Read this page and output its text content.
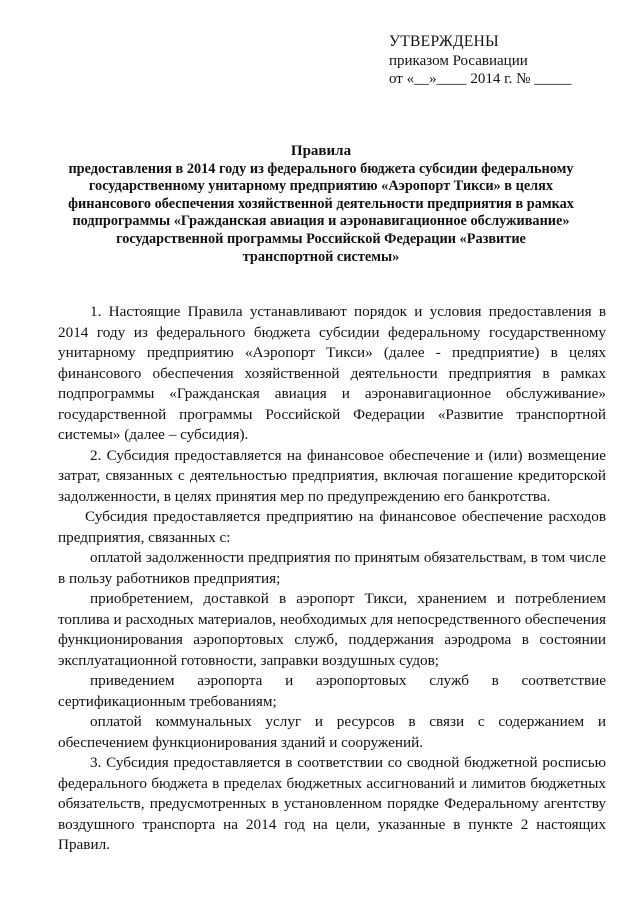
УТВЕРЖДЕНЫ
приказом Росавиации
от «__»____ 2014 г. № _____
Правила
предоставления в 2014 году из федерального бюджета субсидии федеральному
государственному унитарному предприятию «Аэропорт Тикси» в целях
финансового обеспечения хозяйственной деятельности предприятия в рамках
подпрограммы «Гражданская авиация и аэронавигационное обслуживание»
государственной программы Российской Федерации «Развитие
транспортной системы»

1. Настоящие Правила устанавливают порядок и условия предоставления в 2014 году из федерального бюджета субсидии федеральному государственному унитарному предприятию «Аэропорт Тикси» (далее - предприятие) в целях финансового обеспечения хозяйственной деятельности предприятия в рамках подпрограммы «Гражданская авиация и аэронавигационное обслуживание» государственной программы Российской Федерации «Развитие транспортной системы» (далее – субсидия).

2. Субсидия предоставляется на финансовое обеспечение и (или) возмещение затрат, связанных с деятельностью предприятия, включая погашение кредиторской задолженности, в целях принятия мер по предупреждению его банкротства.

Субсидия предоставляется предприятию на финансовое обеспечение расходов предприятия, связанных с:

оплатой задолженности предприятия по принятым обязательствам, в том числе в пользу работников предприятия;

приобретением, доставкой в аэропорт Тикси, хранением и потреблением топлива и расходных материалов, необходимых для непосредственного обеспечения функционирования аэропортовых служб, поддержания аэродрома в состоянии эксплуатационной готовности, заправки воздушных судов;

приведением аэропорта и аэропортовых служб в соответствие сертификационным требованиям;

оплатой коммунальных услуг и ресурсов в связи с содержанием и обеспечением функционирования зданий и сооружений.

3. Субсидия предоставляется в соответствии со сводной бюджетной росписью федерального бюджета в пределах бюджетных ассигнований и лимитов бюджетных обязательств, предусмотренных в установленном порядке Федеральному агентству воздушного транспорта на 2014 год на цели, указанные в пункте 2 настоящих Правил.
